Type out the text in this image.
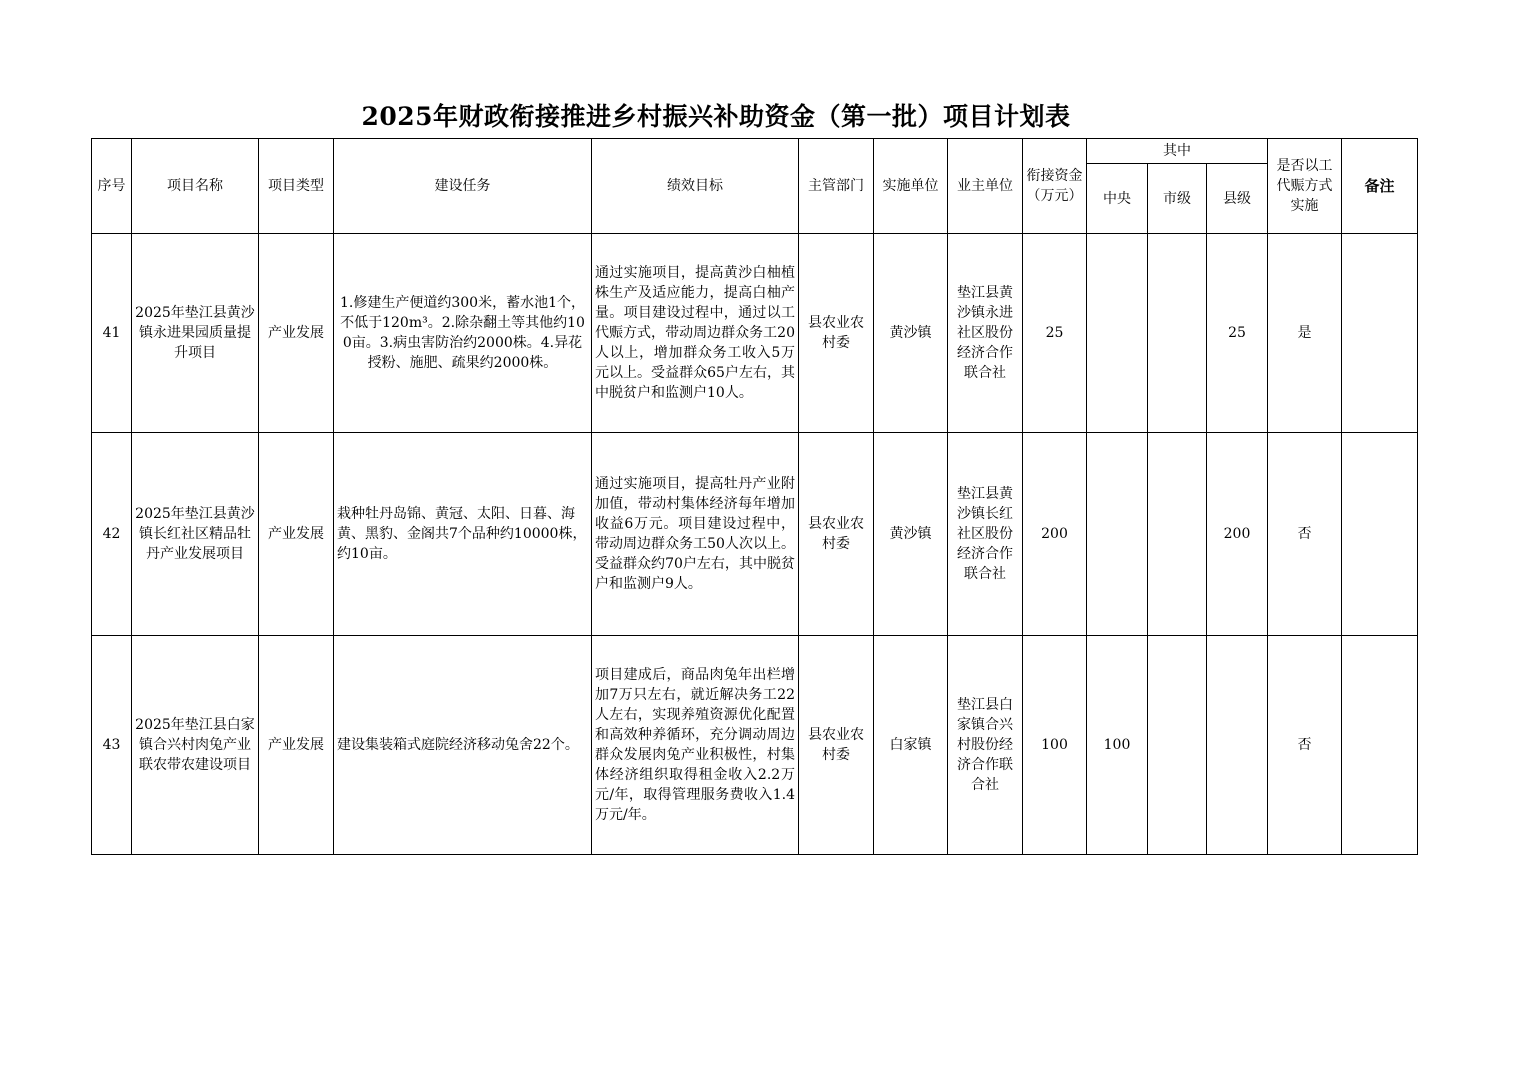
2025年财政衔接推进乡村振兴补助资金（第一批）项目计划表
序号	项目名称	项目类型	建设任务	绩效目标	主管部门	实施单位	业主单位	衔接资金（万元）	其中			是否以工代赈方式实施	备注
									中央	市级	县级		
41	2025年垫江县黄沙镇永进果园质量提升项目	产业发展	1.修建生产便道约300米，蓄水池1个，不低于120m³。2.除杂翻土等其他约100亩。3.病虫害防治约2000株。4.异花授粉、施肥、疏果约2000株。	通过实施项目，提高黄沙白柚植株生产及适应能力，提高白柚产量。项目建设过程中，通过以工代赈方式，带动周边群众务工20人以上，增加群众务工收入5万元以上。受益群众65户左右，其中脱贫户和监测户10人。	县农业农村委	黄沙镇	垫江县黄沙镇永进社区股份经济合作联合社	25			25	是	
42	2025年垫江县黄沙镇长红社区精品牡丹产业发展项目	产业发展	栽种牡丹岛锦、黄冠、太阳、日暮、海黄、黑豹、金阁共7个品种约10000株，约10亩。	通过实施项目，提高牡丹产业附加值，带动村集体经济每年增加收益6万元。项目建设过程中，带动周边群众务工50人次以上。受益群众约70户左右，其中脱贫户和监测户9人。	县农业农村委	黄沙镇	垫江县黄沙镇长红社区股份经济合作联合社	200			200	否	
43	2025年垫江县白家镇合兴村肉兔产业联农带农建设项目	产业发展	建设集装箱式庭院经济移动兔舍22个。	项目建成后，商品肉兔年出栏增加7万只左右，就近解决务工22人左右，实现养殖资源优化配置和高效种养循环，充分调动周边群众发展肉兔产业积极性，村集体经济组织取得租金收入2.2万元/年，取得管理服务费收入1.4万元/年。	县农业农村委	白家镇	垫江县白家镇合兴村股份经济合作联合社	100	100			否	
